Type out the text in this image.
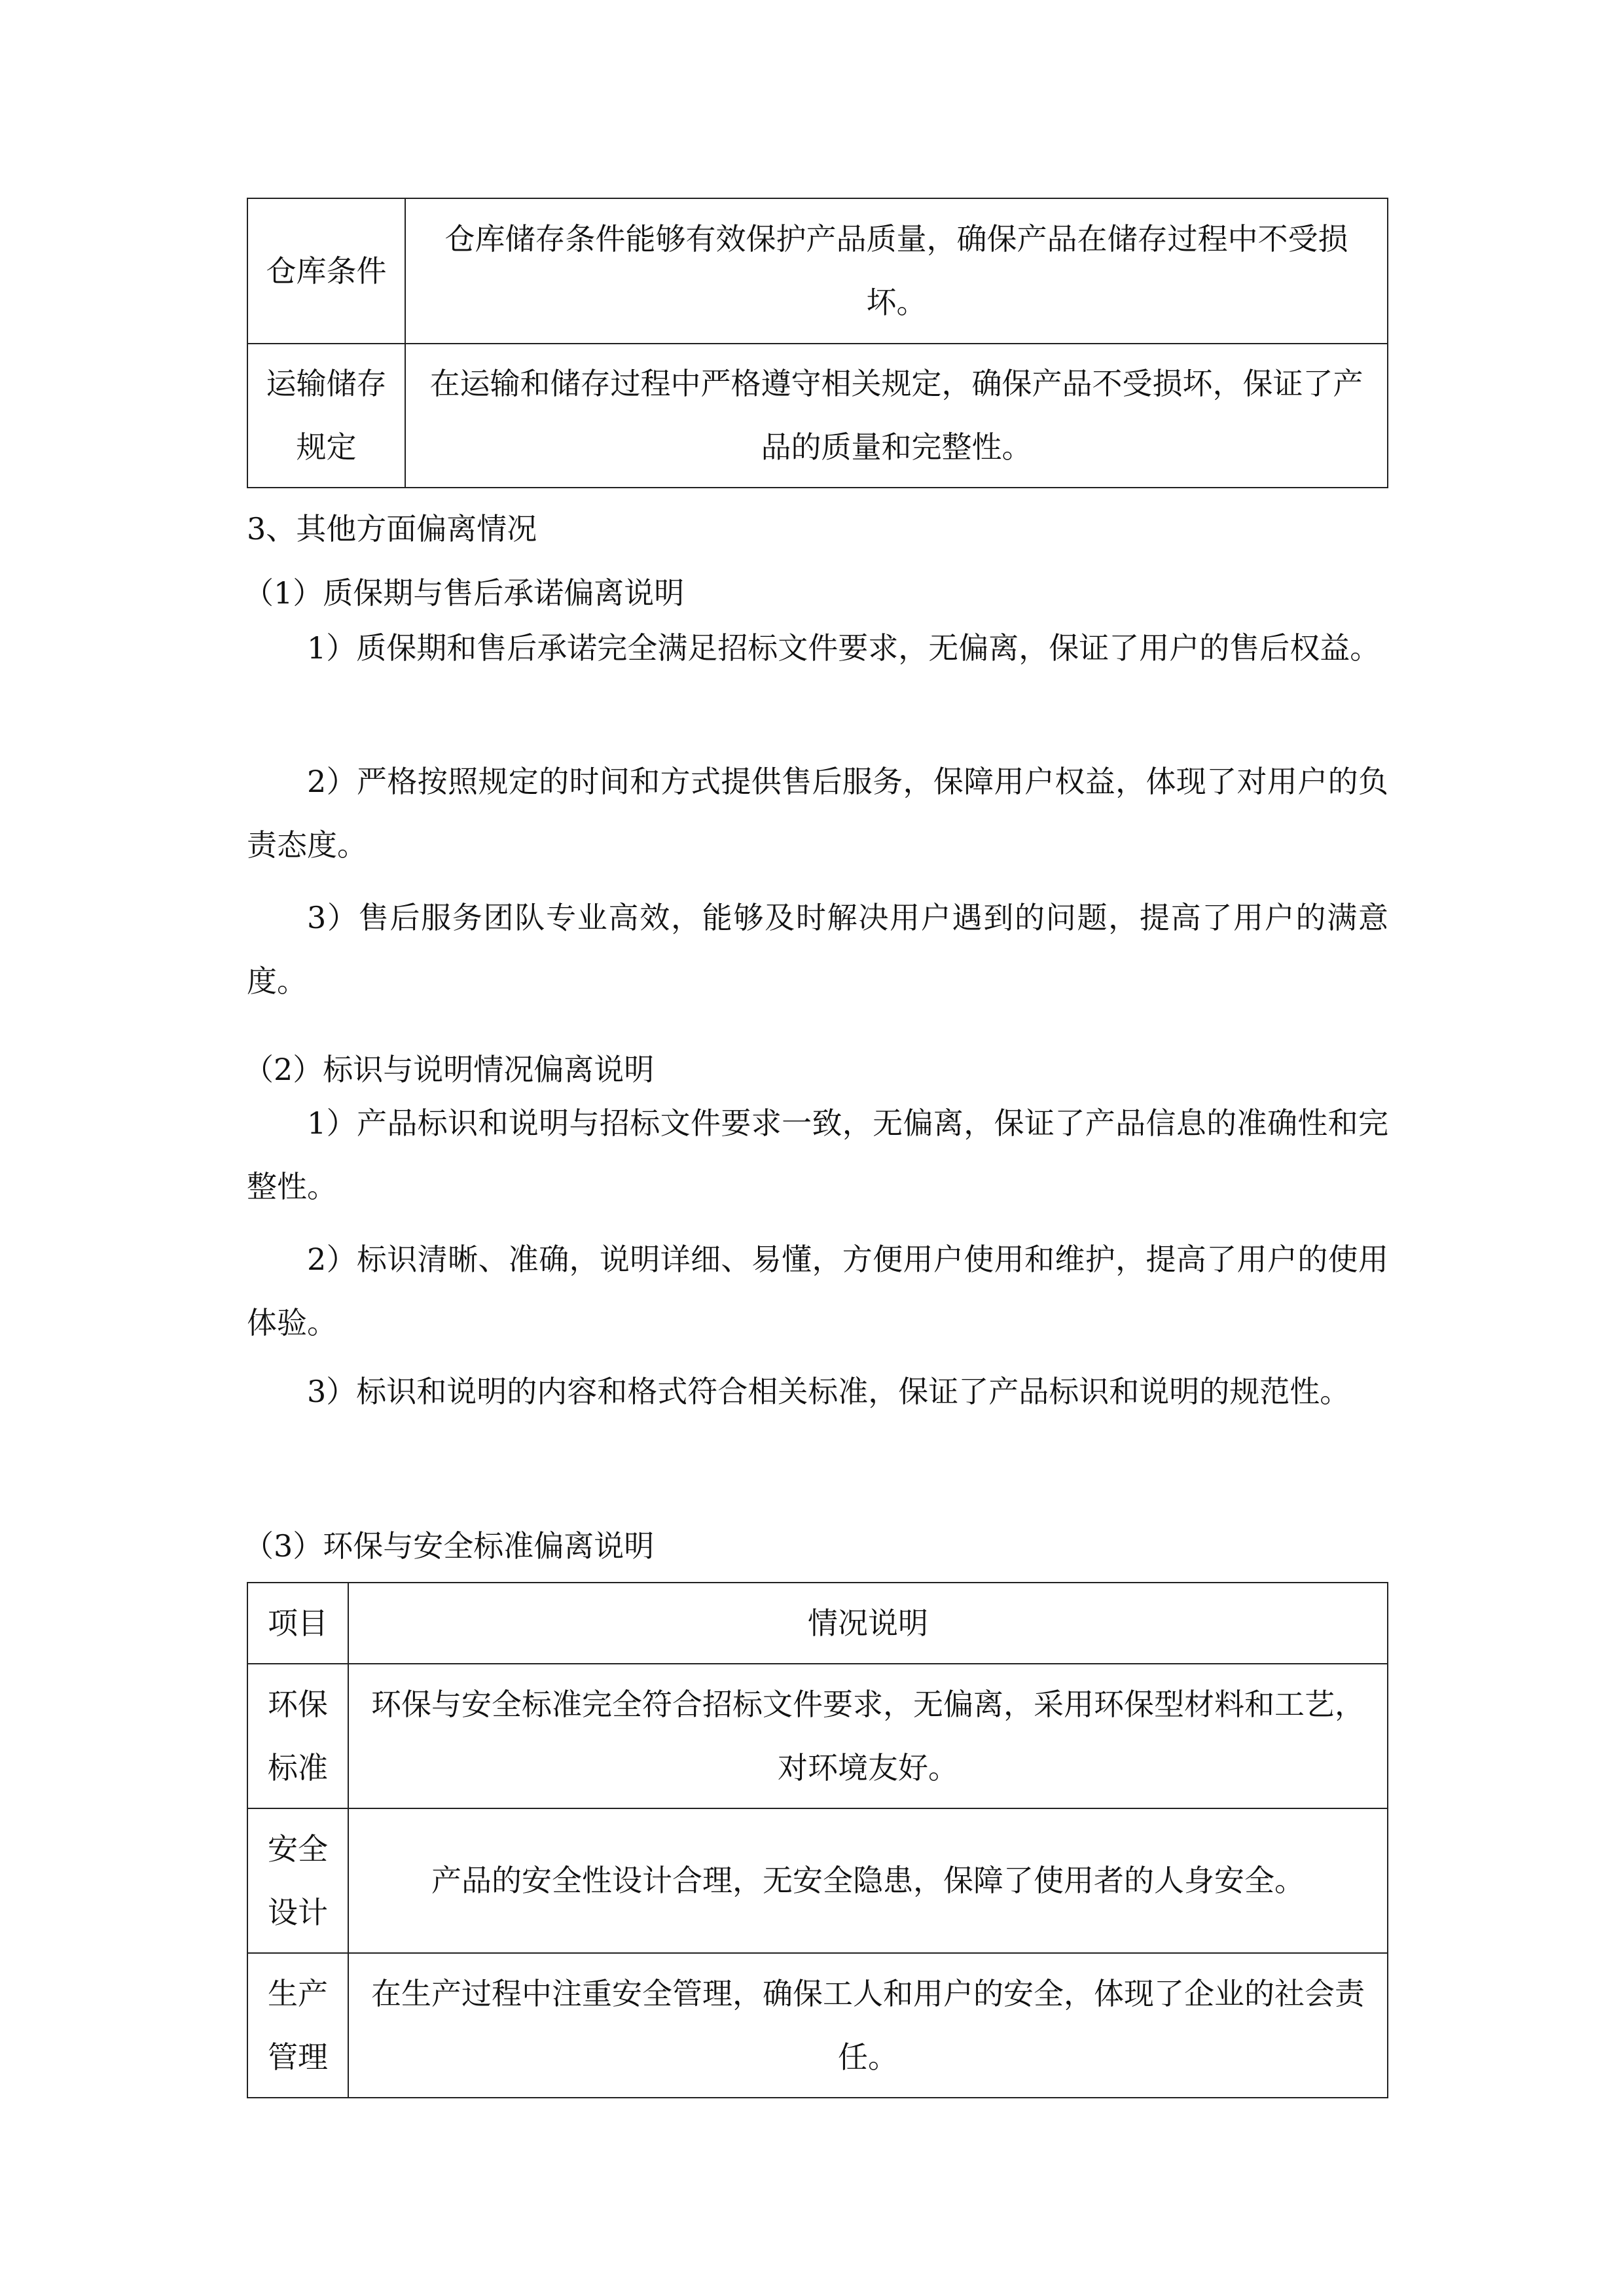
仓库条件	仓库储存条件能够有效保护产品质量，确保产品在储存过程中不受损坏。
运输储存规定	在运输和储存过程中严格遵守相关规定，确保产品不受损坏，保证了产品的质量和完整性。
3、其他方面偏离情况
（1）质保期与售后承诺偏离说明
1）质保期和售后承诺完全满足招标文件要求，无偏离，保证了用户的售后权益。
2）严格按照规定的时间和方式提供售后服务，保障用户权益，体现了对用户的负责态度。
3）售后服务团队专业高效，能够及时解决用户遇到的问题，提高了用户的满意度。
（2）标识与说明情况偏离说明
1）产品标识和说明与招标文件要求一致，无偏离，保证了产品信息的准确性和完整性。
2）标识清晰、准确，说明详细、易懂，方便用户使用和维护，提高了用户的使用体验。
3）标识和说明的内容和格式符合相关标准，保证了产品标识和说明的规范性。
（3）环保与安全标准偏离说明
项目	情况说明
环保标准	环保与安全标准完全符合招标文件要求，无偏离，采用环保型材料和工艺，对环境友好。
安全设计	产品的安全性设计合理，无安全隐患，保障了使用者的人身安全。
生产管理	在生产过程中注重安全管理，确保工人和用户的安全，体现了企业的社会责任。
